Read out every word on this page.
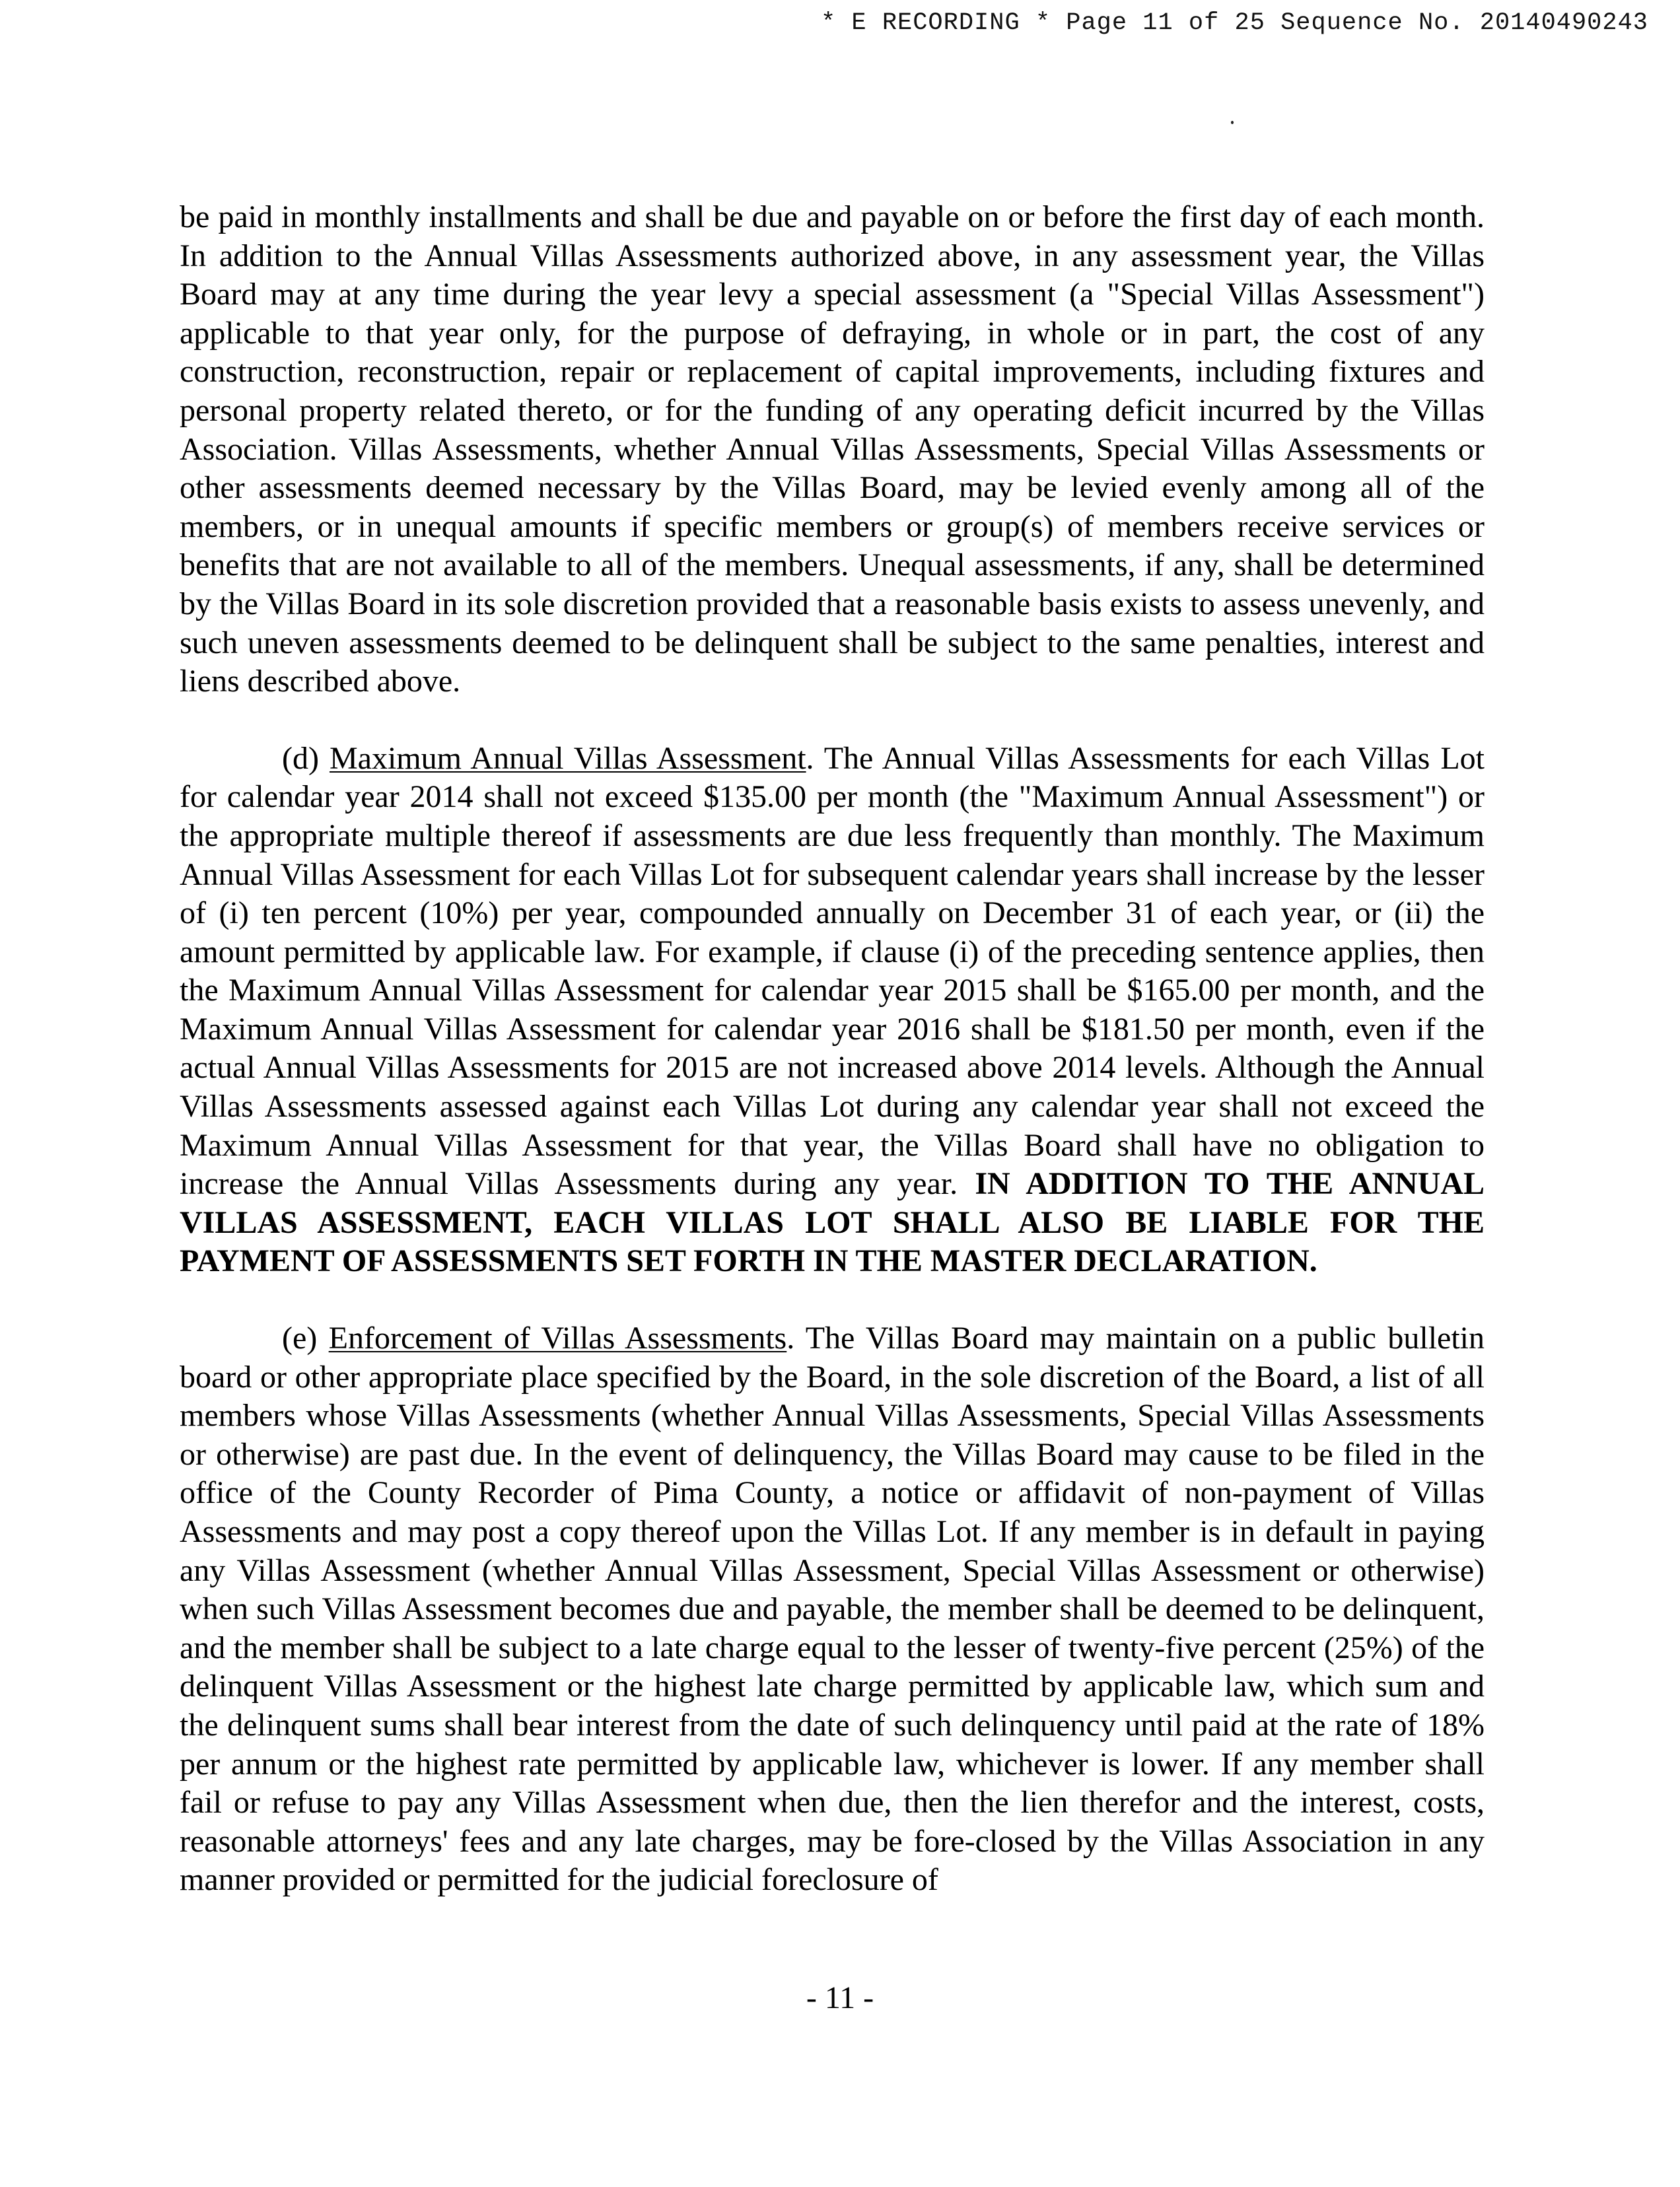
* E RECORDING * Page 11 of 25 Sequence No. 20140490243

be paid in monthly installments and shall be due and payable on or before the first day of each month. In addition to the Annual Villas Assessments authorized above, in any assessment year, the Villas Board may at any time during the year levy a special assessment (a "Special Villas Assessment") applicable to that year only, for the purpose of defraying, in whole or in part, the cost of any construction, reconstruction, repair or replacement of capital improvements, including fixtures and personal property related thereto, or for the funding of any operating deficit incurred by the Villas Association. Villas Assessments, whether Annual Villas Assessments, Special Villas Assessments or other assessments deemed necessary by the Villas Board, may be levied evenly among all of the members, or in unequal amounts if specific members or group(s) of members receive services or benefits that are not available to all of the members. Unequal assessments, if any, shall be determined by the Villas Board in its sole discretion provided that a reasonable basis exists to assess unevenly, and such uneven assessments deemed to be delinquent shall be subject to the same penalties, interest and liens described above.

(d) Maximum Annual Villas Assessment. The Annual Villas Assessments for each Villas Lot for calendar year 2014 shall not exceed $135.00 per month (the "Maximum Annual Assessment") or the appropriate multiple thereof if assessments are due less frequently than monthly. The Maximum Annual Villas Assessment for each Villas Lot for subsequent calendar years shall increase by the lesser of (i) ten percent (10%) per year, compounded annually on December 31 of each year, or (ii) the amount permitted by applicable law. For example, if clause (i) of the preceding sentence applies, then the Maximum Annual Villas Assessment for calendar year 2015 shall be $165.00 per month, and the Maximum Annual Villas Assessment for calendar year 2016 shall be $181.50 per month, even if the actual Annual Villas Assessments for 2015 are not increased above 2014 levels. Although the Annual Villas Assessments assessed against each Villas Lot during any calendar year shall not exceed the Maximum Annual Villas Assessment for that year, the Villas Board shall have no obligation to increase the Annual Villas Assessments during any year. IN ADDITION TO THE ANNUAL VILLAS ASSESSMENT, EACH VILLAS LOT SHALL ALSO BE LIABLE FOR THE PAYMENT OF ASSESSMENTS SET FORTH IN THE MASTER DECLARATION.

(e) Enforcement of Villas Assessments. The Villas Board may maintain on a public bulletin board or other appropriate place specified by the Board, in the sole discretion of the Board, a list of all members whose Villas Assessments (whether Annual Villas Assessments, Special Villas Assessments or otherwise) are past due. In the event of delinquency, the Villas Board may cause to be filed in the office of the County Recorder of Pima County, a notice or affidavit of non-payment of Villas Assessments and may post a copy thereof upon the Villas Lot. If any member is in default in paying any Villas Assessment (whether Annual Villas Assessment, Special Villas Assessment or otherwise) when such Villas Assessment becomes due and payable, the member shall be deemed to be delinquent, and the member shall be subject to a late charge equal to the lesser of twenty-five percent (25%) of the delinquent Villas Assessment or the highest late charge permitted by applicable law, which sum and the delinquent sums shall bear interest from the date of such delinquency until paid at the rate of 18% per annum or the highest rate permitted by applicable law, whichever is lower. If any member shall fail or refuse to pay any Villas Assessment when due, then the lien therefor and the interest, costs, reasonable attorneys' fees and any late charges, may be fore-closed by the Villas Association in any manner provided or permitted for the judicial foreclosure of

- 11 -
